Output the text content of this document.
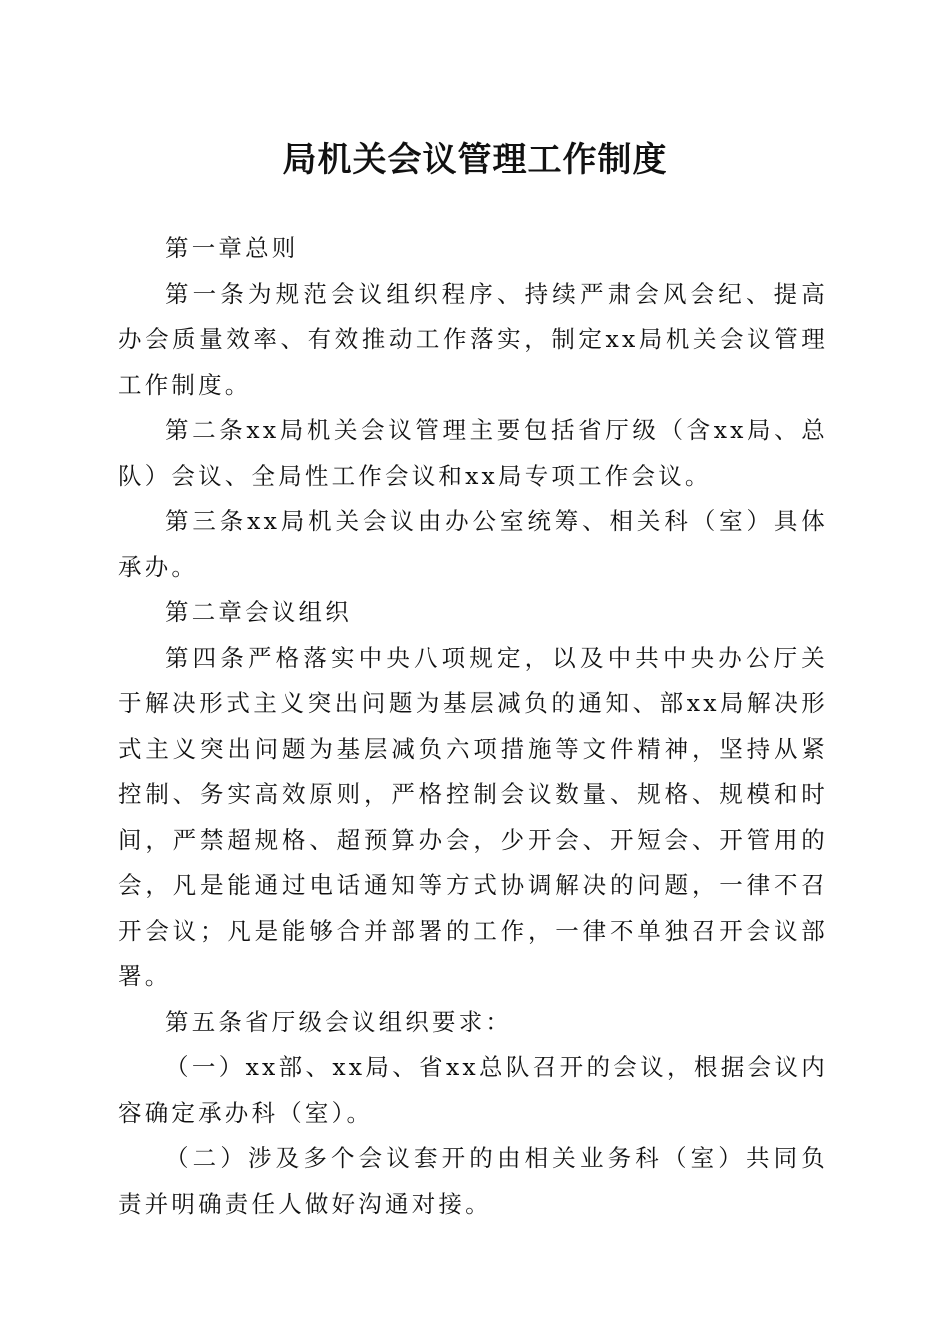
局机关会议管理工作制度

第一章总则

第一条为规范会议组织程序、持续严肃会风会纪、提高办会质量效率、有效推动工作落实，制定xx局机关会议管理工作制度。

第二条xx局机关会议管理主要包括省厅级（含xx局、总队）会议、全局性工作会议和xx局专项工作会议。

第三条xx局机关会议由办公室统筹、相关科（室）具体承办。

第二章会议组织

第四条严格落实中央八项规定，以及中共中央办公厅关于解决形式主义突出问题为基层减负的通知、部xx局解决形式主义突出问题为基层减负六项措施等文件精神，坚持从紧控制、务实高效原则，严格控制会议数量、规格、规模和时间，严禁超规格、超预算办会，少开会、开短会、开管用的会，凡是能通过电话通知等方式协调解决的问题，一律不召开会议；凡是能够合并部署的工作，一律不单独召开会议部署。

第五条省厅级会议组织要求：

（一）xx部、xx局、省xx总队召开的会议，根据会议内容确定承办科（室）。

（二）涉及多个会议套开的由相关业务科（室）共同负责并明确责任人做好沟通对接。
